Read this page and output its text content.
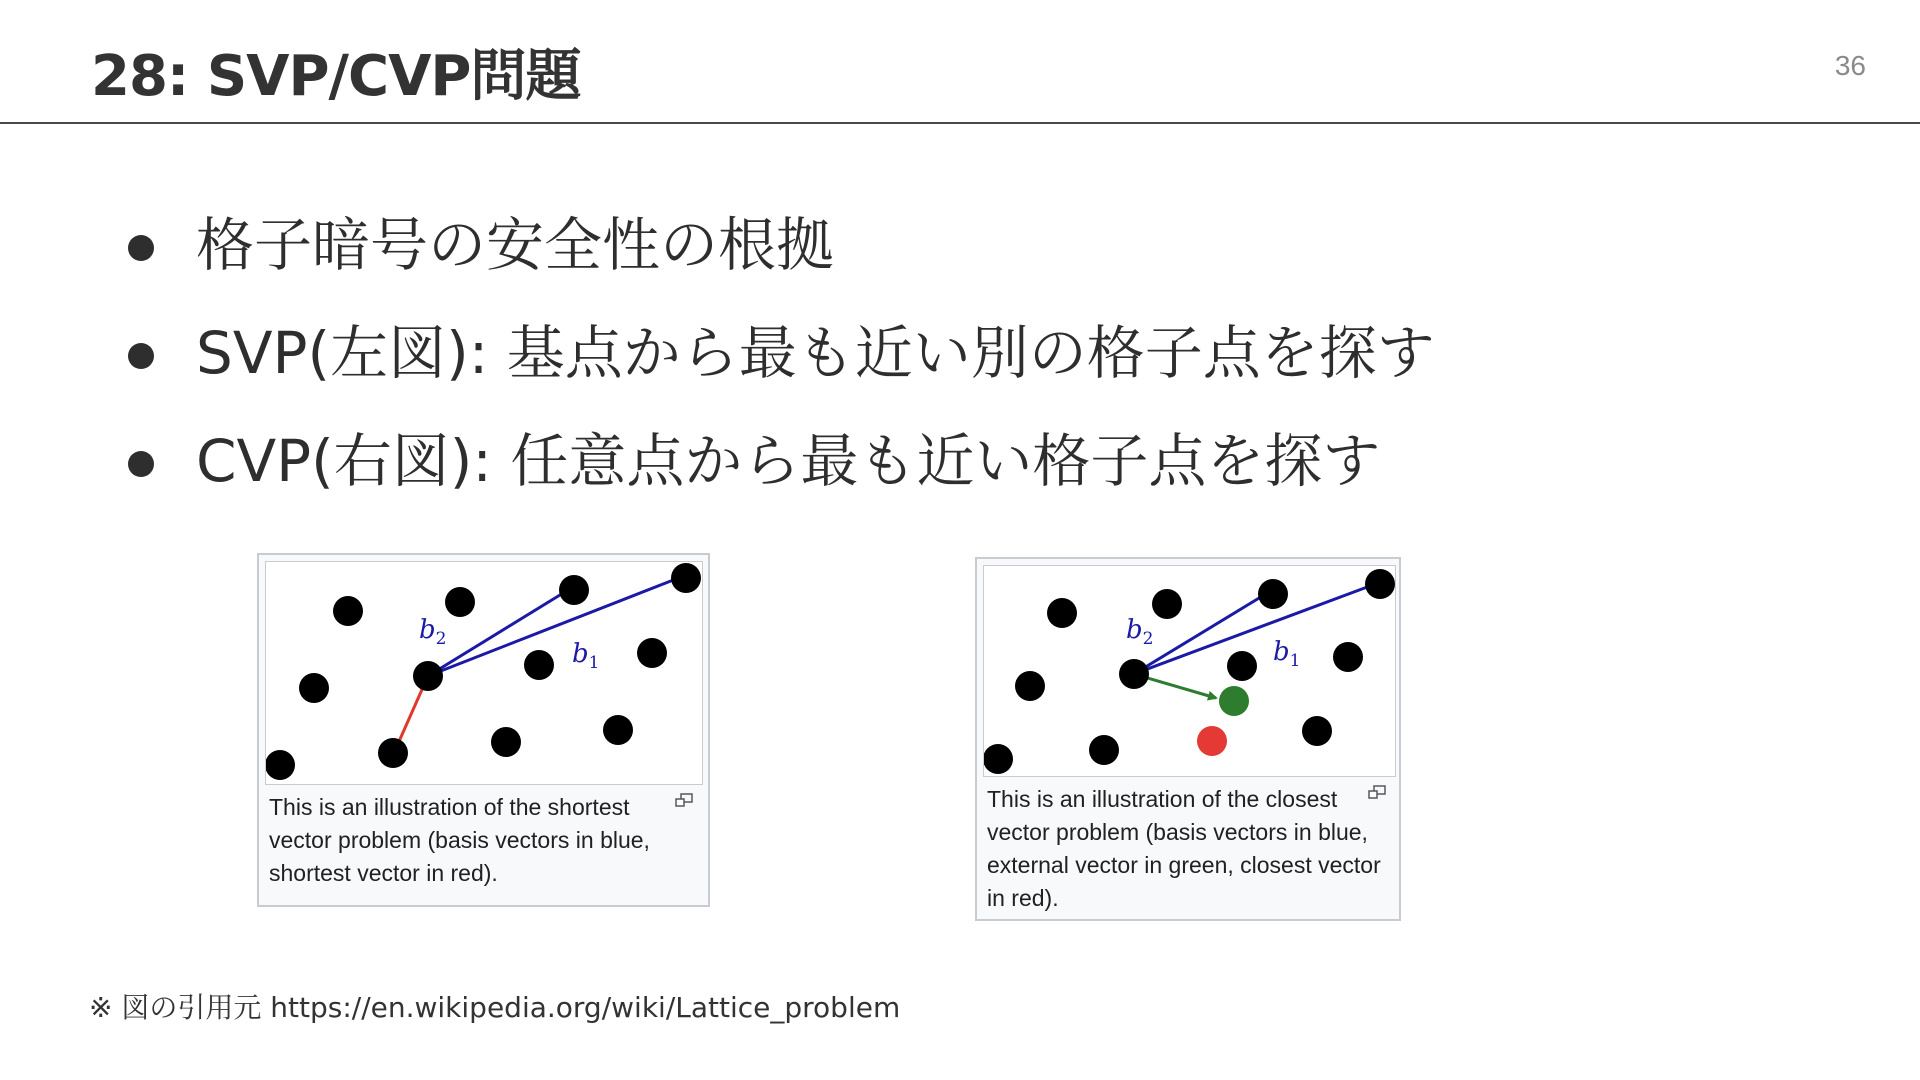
28: SVP/CVP問題	36
格子暗号の安全性の根拠
SVP(左図): 基点から最も近い別の格子点を探す
CVP(右図): 任意点から最も近い格子点を探す
b2	b1
This is an illustration of the shortest vector problem (basis vectors in blue, shortest vector in red).
b2	b1
This is an illustration of the closest vector problem (basis vectors in blue, external vector in green, closest vector in red).
※ 図の引用元 https://en.wikipedia.org/wiki/Lattice_problem
